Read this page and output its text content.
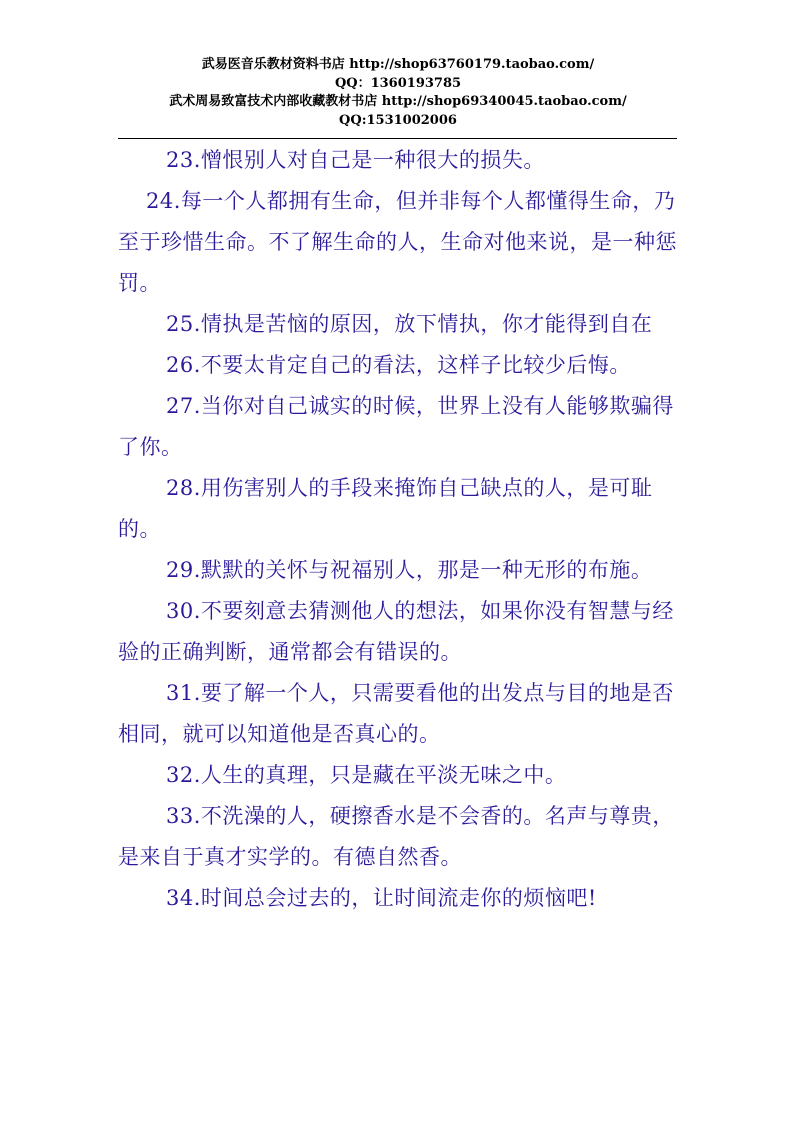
武易医音乐教材资料书店 http://shop63760179.taobao.com/
QQ：1360193785
武术周易致富技术内部收藏教材书店 http://shop69340045.taobao.com/
QQ:1531002006

23.憎恨别人对自己是一种很大的损失。

24.每一个人都拥有生命，但并非每个人都懂得生命，乃至于珍惜生命。不了解生命的人，生命对他来说，是一种惩罚。

25.情执是苦恼的原因，放下情执，你才能得到自在

26.不要太肯定自己的看法，这样子比较少后悔。

27.当你对自己诚实的时候，世界上没有人能够欺骗得了你。

28.用伤害别人的手段来掩饰自己缺点的人，是可耻的。

29.默默的关怀与祝福别人，那是一种无形的布施。

30.不要刻意去猜测他人的想法，如果你没有智慧与经验的正确判断，通常都会有错误的。

31.要了解一个人，只需要看他的出发点与目的地是否相同，就可以知道他是否真心的。

32.人生的真理，只是藏在平淡无味之中。

33.不洗澡的人，硬擦香水是不会香的。名声与尊贵，是来自于真才实学的。有德自然香。

34.时间总会过去的，让时间流走你的烦恼吧!
